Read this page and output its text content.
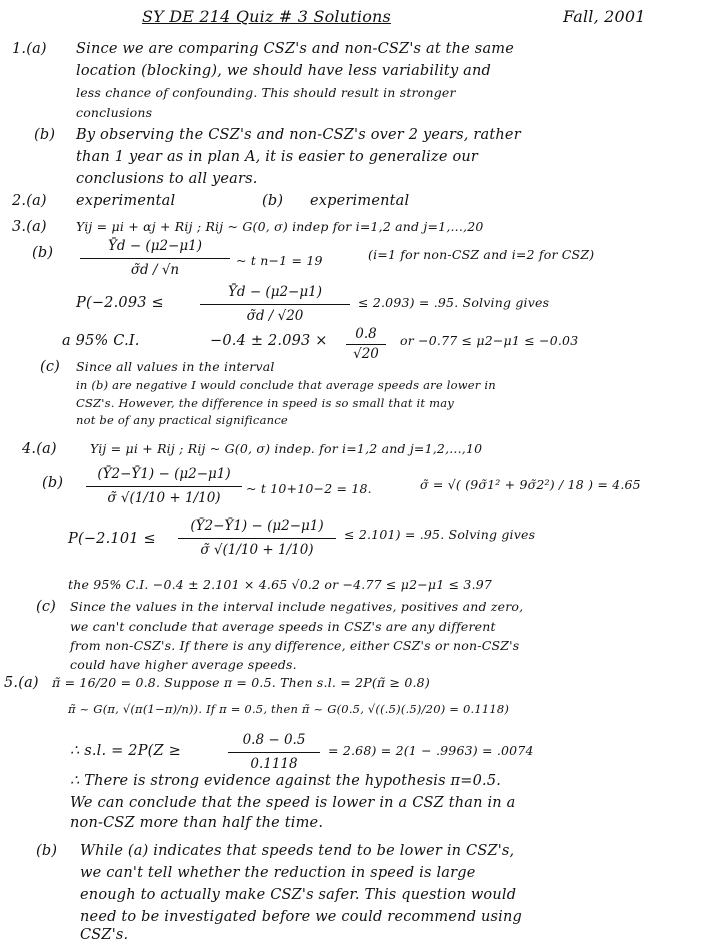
SY DE 214 Quiz # 3 Solutions	Fall, 2001
1.(a) Since we are comparing CSZ's and non-CSZ's at the same
location (blocking), we should have less variability and
less chance of confounding. This should result in stronger
conclusions
(b) By observing the CSZ's and non-CSZ's over 2 years, rather
than 1 year as in plan A, it is easier to generalize our
conclusions to all years.
2.(a) experimental	(b) experimental
3.(a) Yij = μi + αj + Rij ; Rij ~ G(0, σ) indep for i=1,2 and j=1,...,20
(b)	Ȳd − (μ2−μ1)
σ̃d / √n
~ t n−1 = 19	(i=1 for non-CSZ and i=2 for CSZ)
P(−2.093 ≤
Ȳd − (μ2−μ1)
σ̃d / √20
≤ 2.093) = .95. Solving gives
a 95% C.I.	−0.4 ± 2.093 ×	0.8
√20
or −0.77 ≤ μ2−μ1 ≤ −0.03
(c) Since all values in the interval
in (b) are negative I would conclude that average speeds are lower in
CSZ's. However, the difference in speed is so small that it may
not be of any practical significance
4.(a)	Yij = μi + Rij ; Rij ~ G(0, σ) indep. for i=1,2 and j=1,2,...,10
(b)
(Ȳ2−Ȳ1) − (μ2−μ1)
σ̃ √(1/10 + 1/10)
~ t 10+10−2 = 18.	σ̃ = √( (9σ̃1² + 9σ̃2²) / 18 ) = 4.65
P(−2.101 ≤
(Ȳ2−Ȳ1) − (μ2−μ1)
σ̃ √(1/10 + 1/10)
≤ 2.101) = .95. Solving gives
the 95% C.I. −0.4 ± 2.101 × 4.65 √0.2 or −4.77 ≤ μ2−μ1 ≤ 3.97
(c) Since the values in the interval include negatives, positives and zero,
we can't conclude that average speeds in CSZ's are any different
from non-CSZ's. If there is any difference, either CSZ's or non-CSZ's
could have higher average speeds.
5.(a) π̃ = 16/20 = 0.8. Suppose π = 0.5. Then s.l. = 2P(π̃ ≥ 0.8)
π̃ ~ G(π, √(π(1−π)/n)). If π = 0.5, then π̃ ~ G(0.5, √((.5)(.5)/20) = 0.1118)
∴ s.l. = 2P(Z ≥
0.8 − 0.5
0.1118
= 2.68) = 2(1 − .9963) = .0074
∴ There is strong evidence against the hypothesis π=0.5.
We can conclude that the speed is lower in a CSZ than in a
non-CSZ more than half the time.
(b) While (a) indicates that speeds tend to be lower in CSZ's,
we can't tell whether the reduction in speed is large
enough to actually make CSZ's safer. This question would
need to be investigated before we could recommend using
CSZ's.
